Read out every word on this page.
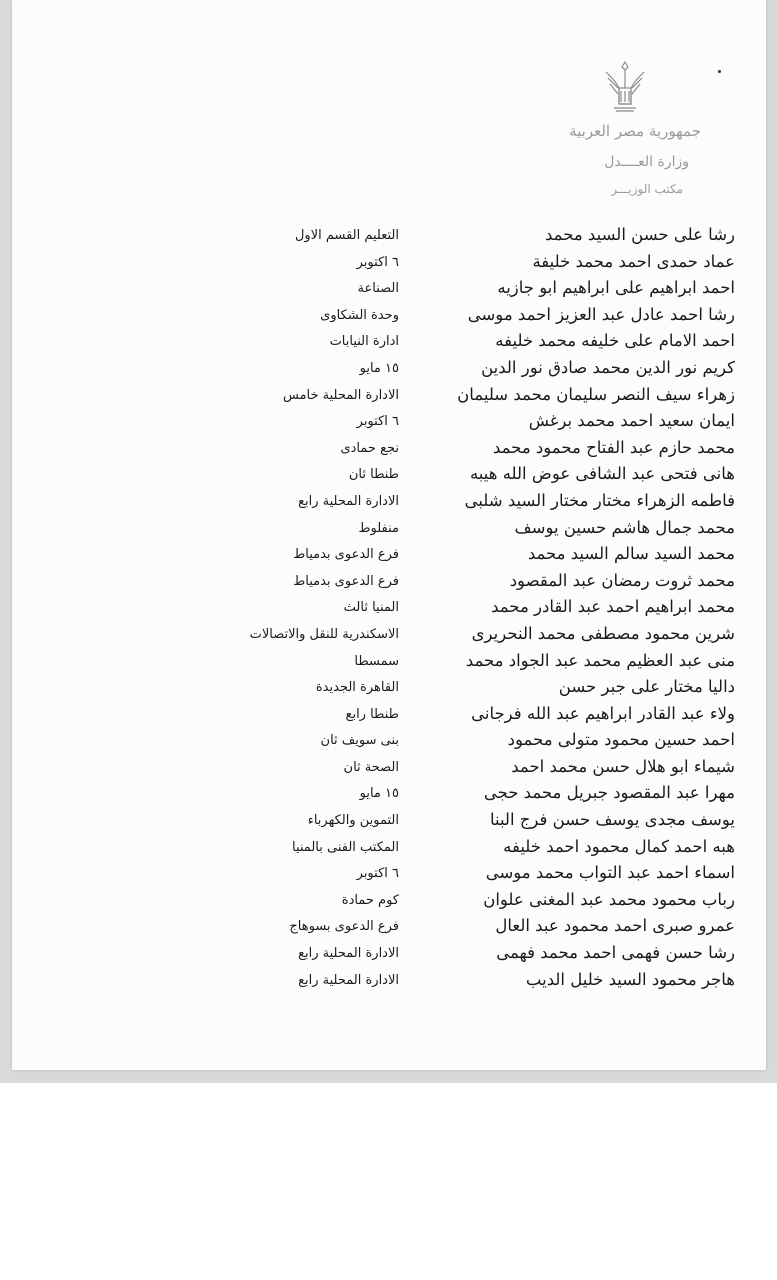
جمهورية مصر العربية
وزارة العــــدل
مكتب الوزيـــر
رشا على حسن السيد محمد
التعليم القسم الاول
عماد حمدى احمد محمد خليفة
٦ اكتوبر
احمد ابراهيم على ابراهيم ابو جازيه
الصناعة
رشا احمد عادل عبد العزيز احمد موسى
وحدة الشكاوى
احمد الامام على خليفه محمد خليفه
ادارة النيابات
كريم نور الدين محمد صادق نور الدين
١٥ مايو
زهراء سيف النصر سليمان محمد سليمان
الادارة المحلية خامس
ايمان سعيد احمد محمد برغش
٦ اكتوبر
محمد حازم عبد الفتاح محمود محمد
نجع حمادى
هانى فتحى عبد الشافى عوض الله هيبه
طنطا ثان
فاطمه الزهراء مختار مختار السيد شلبى
الادارة المحلية رابع
محمد جمال هاشم حسين يوسف
منفلوط
محمد السيد سالم السيد محمد
فرع الدعوى بدمياط
محمد ثروت رمضان عبد المقصود
فرع الدعوى بدمياط
محمد ابراهيم احمد عبد القادر محمد
المنيا ثالث
شرين محمود مصطفى محمد النحريرى
الاسكندرية للنقل والاتصالات
منى عبد العظيم محمد عبد الجواد محمد
سمسطا
داليا مختار على جبر حسن
القاهرة الجديدة
ولاء عبد القادر ابراهيم عبد الله فرجانى
طنطا رابع
احمد حسين محمود متولى محمود
بنى سويف ثان
شيماء ابو هلال حسن محمد احمد
الصحة ثان
مهرا عبد المقصود جبريل محمد حجى
١٥ مايو
يوسف مجدى يوسف حسن فرج البنا
التموين والكهرباء
هبه احمد كمال محمود احمد خليفه
المكتب الفنى بالمنيا
اسماء احمد عبد التواب محمد موسى
٦ اكتوبر
رباب محمود محمد عبد المغنى علوان
كوم حمادة
عمرو صبرى احمد محمود عبد العال
فرع الدعوى بسوهاج
رشا حسن فهمى احمد محمد فهمى
الادارة المحلية رابع
هاجر محمود السيد خليل الديب
الادارة المحلية رابع
